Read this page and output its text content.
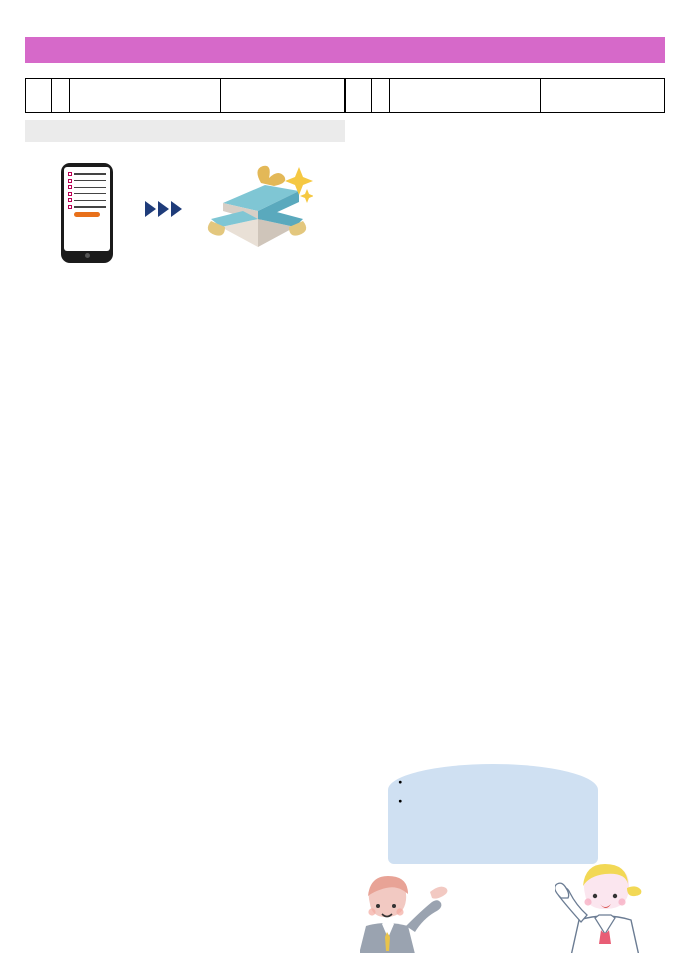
・
・
